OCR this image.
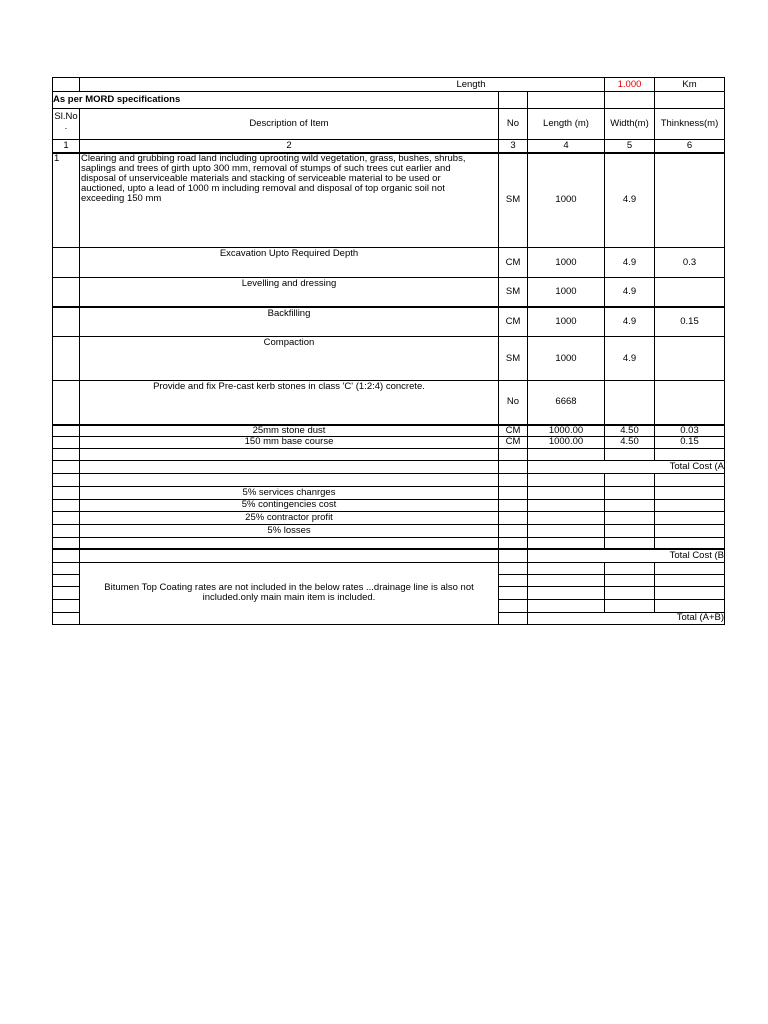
	Length			1.000	Km
As per MORD specifications					
Sl.No
.	Description of Item	No	Length (m)	Width(m)	Thinkness(m)
1	2	3	4	5	6
1	Clearing and grubbing road land including uprooting wild vegetation, grass, bushes, shrubs, saplings and trees of girth upto 300 mm, removal of stumps of such trees cut earlier and disposal of unserviceable materials and stacking of serviceable material to be used or auctioned, upto a lead of 1000 m including removal and disposal of top organic soil not exceeding 150 mm	SM	1000	4.9	
	Excavation Upto Required Depth	CM	1000	4.9	0.3
	Levelling and dressing	SM	1000	4.9	
	Backfilling	CM	1000	4.9	0.15
	Compaction	SM	1000	4.9	
	Provide and fix Pre-cast kerb stones in class 'C' (1:2:4) concrete.	No	6668		
	25mm stone dust	CM	1000.00	4.50	0.03
	150 mm base course	CM	1000.00	4.50	0.15

					Total Cost (A

	5% services chanrges				
	5% contingencies cost				
	25% contractor profit				
	5% losses				

					Total Cost (B
	Bitumen Top Coating rates are not included in the below rates ...drainage line is also not included.only main main item is included.				

					Total (A+B)
